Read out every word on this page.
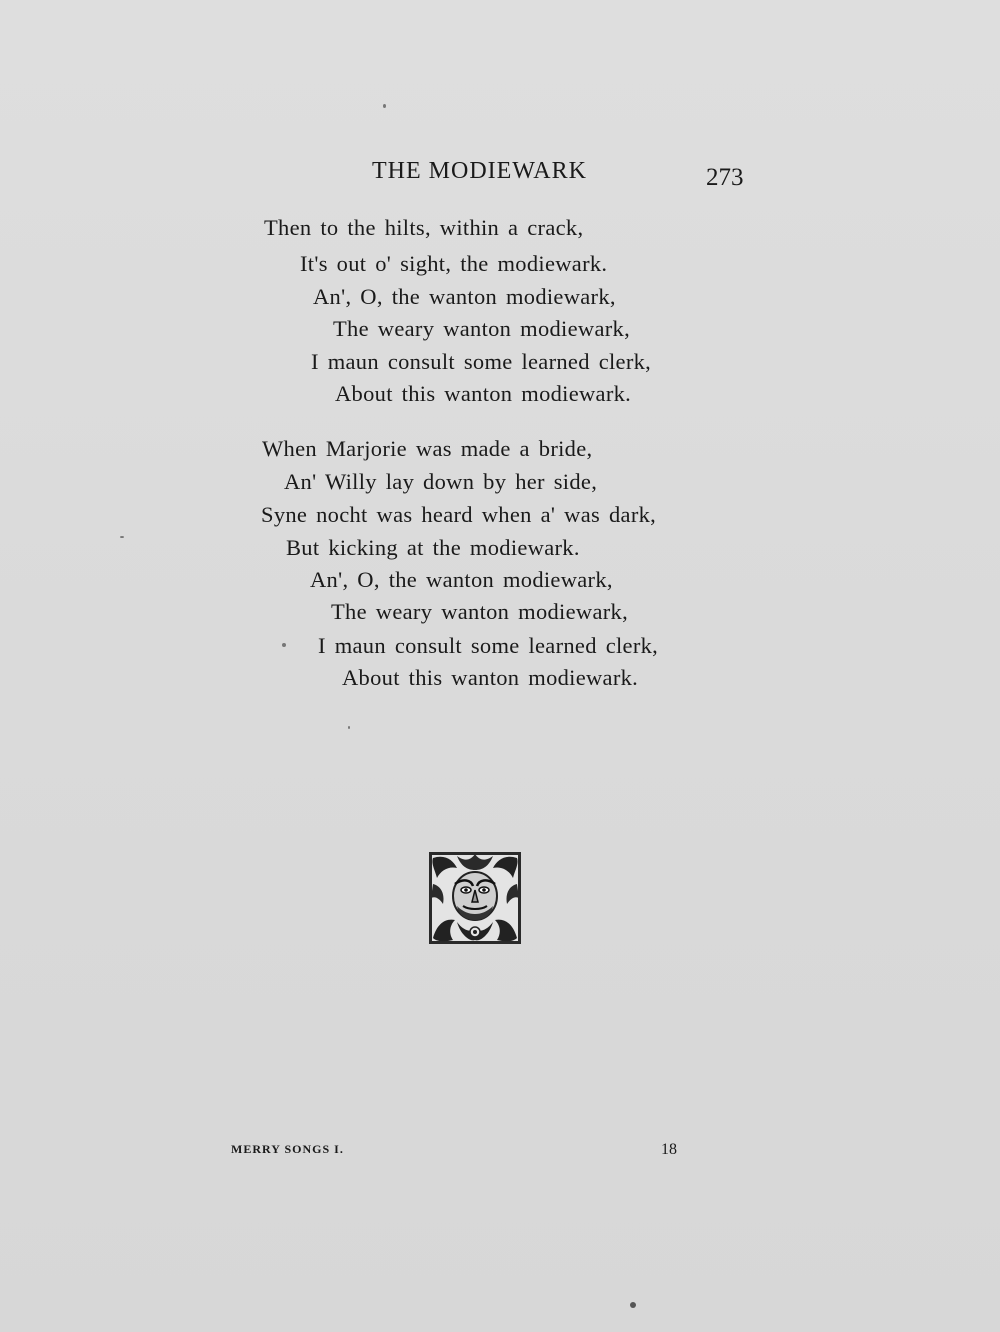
THE MODIEWARK	273
Then to the hilts, within a crack,
It's out o' sight, the modiewark.
An', O, the wanton modiewark,
The weary wanton modiewark,
I maun consult some learned clerk,
About this wanton modiewark.
When Marjorie was made a bride,
An' Willy lay down by her side,
Syne nocht was heard when a' was dark,
But kicking at the modiewark.
An', O, the wanton modiewark,
The weary wanton modiewark,
I maun consult some learned clerk,
About this wanton modiewark.
MERRY SONGS I.	18
